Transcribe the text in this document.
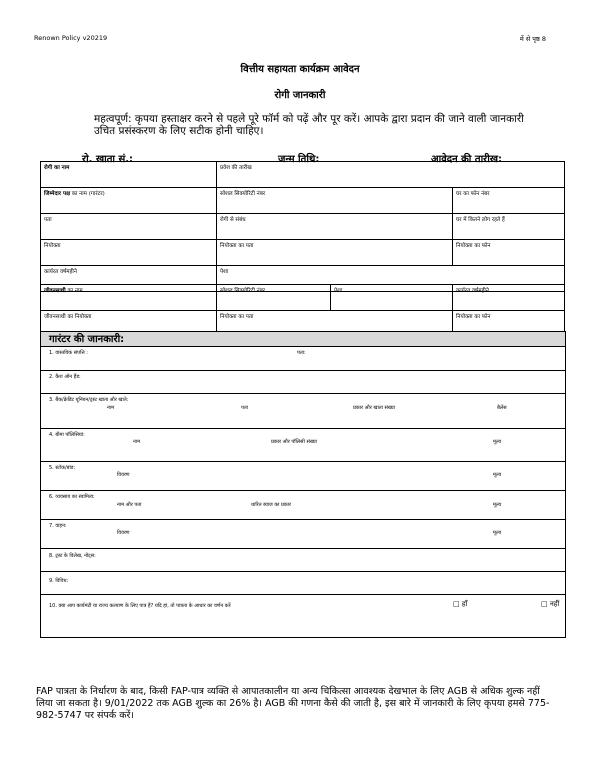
Renown Policy v20219	में से पृष्ठ 8
वित्तीय सहायता कार्यक्रम आवेदन
रोगी जानकारी
महत्वपूर्ण: कृपया हस्ताक्षर करने से पहले पूरे फॉर्म को पढ़ें और पूर करें। आपके द्वारा प्रदान की जाने वाली जानकारी उचित प्रसंस्करण के लिए सटीक होनी चाहिए।
रो. खाता सं.:	जन्म तिथि:	आवेदन की तारीख:
रोगी का नाम	प्रवेश की तारीख	
जिम्मेदार पक्ष का नाम (गारंटर)	सोशल सिक्योरिटी नंबर	घर का फोन नंबर
पता	रोगी से संबंध	घर में कितने लोग रहते हैं
नियोक्ता	नियोक्ता का पता	नियोक्ता का फोन
कार्यरत वर्षमहीने	पेशा	
जीवनसाथी का नाम	सोशल सिक्योरिटी नंबर	पेशा	कार्यरत वर्षमहीने
जीवनसाथी का नियोक्ता	नियोक्ता का पता		नियोक्ता का फोन
गारंटर की जानकारी:
1. वास्तविक संपत्ति :	पता:
2. कैश ऑन हैंड:
3. बैंक/क्रेडिट यूनियन/ट्रस्ट खाता और खाते:
नाम	पता	प्रकार और खाता संख्या	बैलेंस
4. बीमा पॉलिसियां:
नाम	प्रकार और पॉलिसी संख्या	मूल्य
5. स्टॉक/बांड:
विवरण	मूल्य
6. व्यवसाय का स्वामित्व:
नाम और पता	धारित ब्याज का प्रकार	मूल्य
7. वाहन:
विवरण	मूल्य
8. ट्रस्ट के विलेख, नोट्स:
9. विविध:
10. क्या आप कार्यमंटी या राज्य कल्याण के लिए पात्र हैं? यदि हां, तो पात्रता के आधार का वर्णन करें	□ हाँ	□ नहीं
FAP पात्रता के निर्धारण के बाद, किसी FAP-पात्र व्यक्ति से आपातकालीन या अन्य चिकित्सा आवश्यक देखभाल के लिए AGB से अधिक शुल्क नहीं लिया जा सकता है। 9/01/2022 तक AGB शुल्क का 26% है। AGB की गणना कैसे की जाती है, इस बारे में जानकारी के लिए कृपया हमसे 775-982-5747 पर संपर्क करें।
